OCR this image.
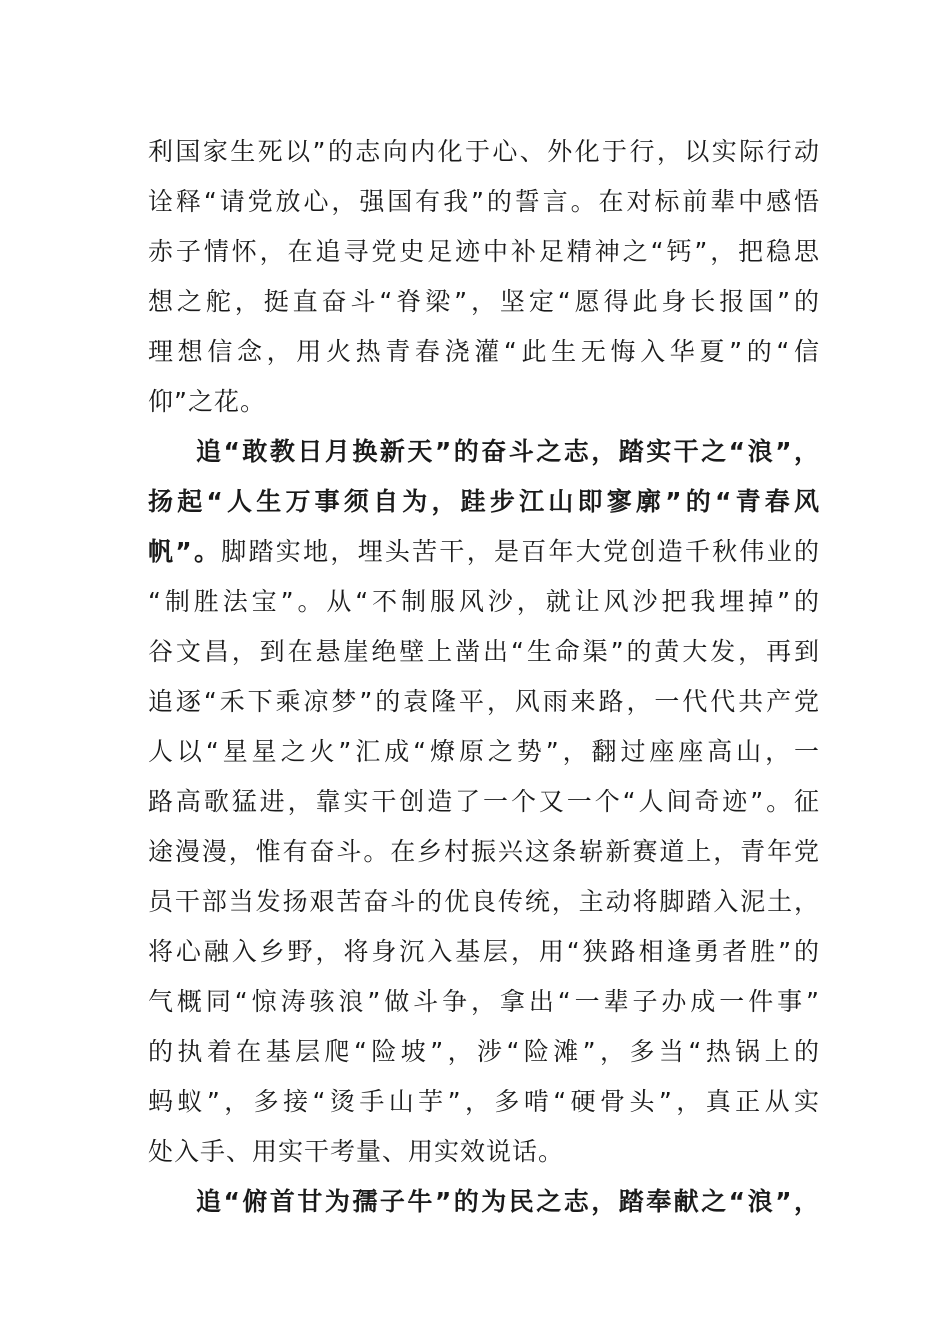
利国家生死以”的志向内化于心、外化于行，以实际行动
诠释“请党放心，强国有我”的誓言。在对标前辈中感悟
赤子情怀，在追寻党史足迹中补足精神之“钙”，把稳思
想之舵，挺直奋斗“脊梁”，坚定“愿得此身长报国”的
理想信念，用火热青春浇灌“此生无悔入华夏”的“信
仰”之花。
追“敢教日月换新天”的奋斗之志，踏实干之“浪”，
扬起“人生万事须自为，跬步江山即寥廓”的“青春风
帆”。脚踏实地，埋头苦干，是百年大党创造千秋伟业的
“制胜法宝”。从“不制服风沙，就让风沙把我埋掉”的
谷文昌，到在悬崖绝壁上凿出“生命渠”的黄大发，再到
追逐“禾下乘凉梦”的袁隆平，风雨来路，一代代共产党
人以“星星之火”汇成“燎原之势”，翻过座座高山，一
路高歌猛进，靠实干创造了一个又一个“人间奇迹”。征
途漫漫，惟有奋斗。在乡村振兴这条崭新赛道上，青年党
员干部当发扬艰苦奋斗的优良传统，主动将脚踏入泥土，
将心融入乡野，将身沉入基层，用“狭路相逢勇者胜”的
气概同“惊涛骇浪”做斗争，拿出“一辈子办成一件事”
的执着在基层爬“险坡”，涉“险滩”，多当“热锅上的
蚂蚁”，多接“烫手山芋”，多啃“硬骨头”，真正从实
处入手、用实干考量、用实效说话。
追“俯首甘为孺子牛”的为民之志，踏奉献之“浪”，
